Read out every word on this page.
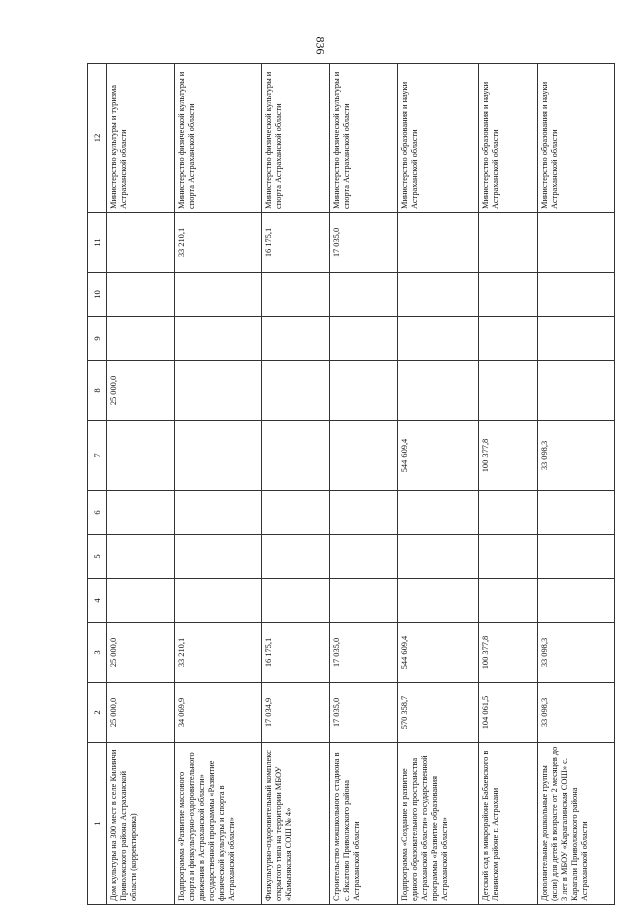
836
1	2	3	4	5	6	7	8	9	10	11	12
Дом культуры на 300 мест в селе Килинчи Приволжского района Астраханской области (корректировка)	25 000,0	25 000,0					25 000,0				Министерство культуры и туризма Астраханской области
Подпрограмма «Развитие массового спорта и физкультурно-оздоровительного движения в Астраханской области» государственной программы «Развитие физической культуры и спорта в Астраханской области»	34 069,9	33 210,1								33 210,1	Министерство физической культуры и спорта Астраханской области
Физкультурно-оздоровительный комплекс открытого типа на территории МБОУ «Камызякская СОШ № 4»	17 034,9	16 175,1								16 175,1	Министерство физической культуры и спорта Астраханской области
Строительство межшкольного стадиона в с. Яксатово Приволжского района Астраханской области	17 035,0	17 035,0								17 035,0	Министерство физической культуры и спорта Астраханской области
Подпрограмма «Создание и развитие единого образовательного пространства Астраханской области» государственной программы «Развитие образования Астраханской области»	570 358,7	544 609,4				544 609,4					Министерство образования и науки Астраханской области
Детский сад в микрорайоне Бабаевского в Ленинском районе г. Астрахани	104 061,5	100 377,8				100 377,8					Министерство образования и науки Астраханской области
Дополнительные дошкольные группы (ясли) для детей в возрасте от 2 месяцев до 3 лет в МБОУ «Карагалинская СОШ» с. Карагали Приволжского района Астраханской области	33 098,3	33 098,3				33 098,3					Министерство образования и науки Астраханской области
